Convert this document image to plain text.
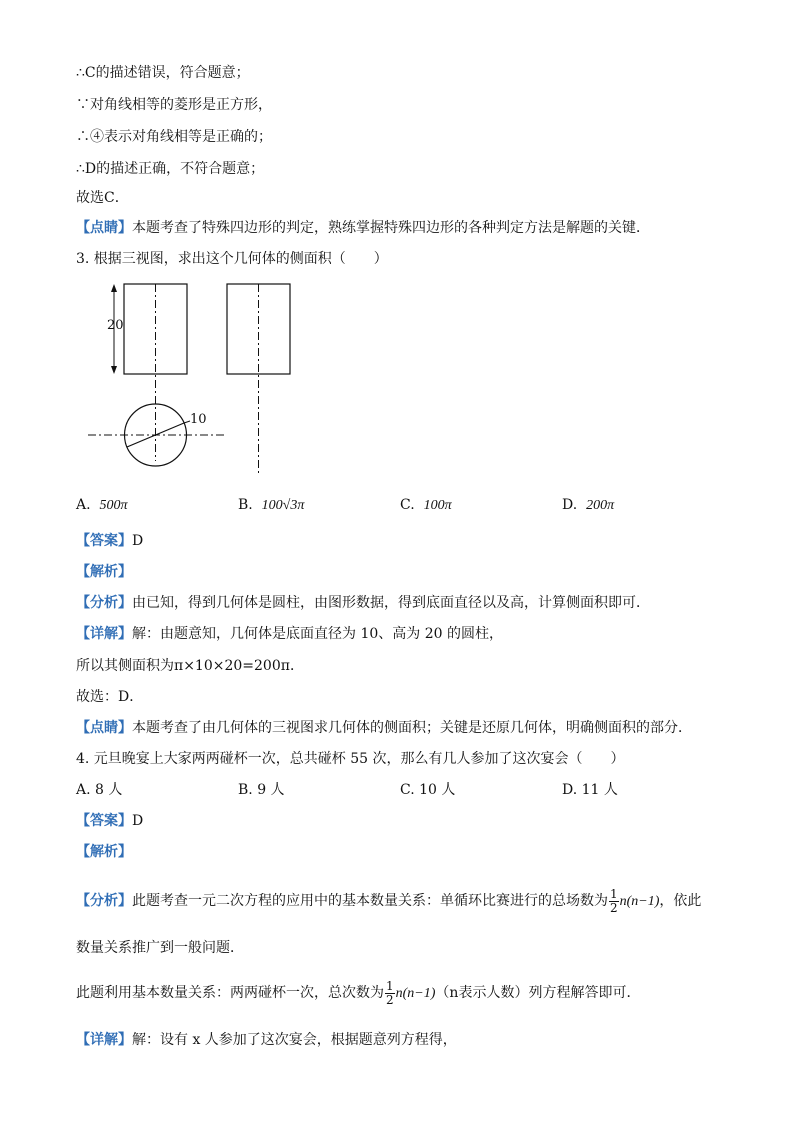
∴C的描述错误，符合题意；
∵对角线相等的菱形是正方形，
∴④表示对角线相等是正确的；
∴D的描述正确，不符合题意；
故选C．
【点睛】本题考查了特殊四边形的判定，熟练掌握特殊四边形的各种判定方法是解题的关键．
3. 根据三视图，求出这个几何体的侧面积（　　）
20
10
A. 500π	B. 100√3π	C. 100π	D. 200π
【答案】D
【解析】
【分析】由已知，得到几何体是圆柱，由图形数据，得到底面直径以及高，计算侧面积即可．
【详解】解：由题意知，几何体是底面直径为 10、高为 20 的圆柱，
所以其侧面积为π×10×20=200π．
故选：D．
【点睛】本题考查了由几何体的三视图求几何体的侧面积；关键是还原几何体，明确侧面积的部分．
4. 元旦晚宴上大家两两碰杯一次，总共碰杯 55 次，那么有几人参加了这次宴会（　　）
A. 8 人	B. 9 人	C. 10 人	D. 11 人
【答案】D
【解析】
【分析】此题考查一元二次方程的应用中的基本数量关系：单循环比赛进行的总场数为 $\frac{1}{2} n(n-1)$，依此
数量关系推广到一般问题．
此题利用基本数量关系：两两碰杯一次，总次数为 $\frac{1}{2} n(n-1)(n$表示人数）列方程解答即可．
【详解】解：设有 x 人参加了这次宴会，根据题意列方程得，
